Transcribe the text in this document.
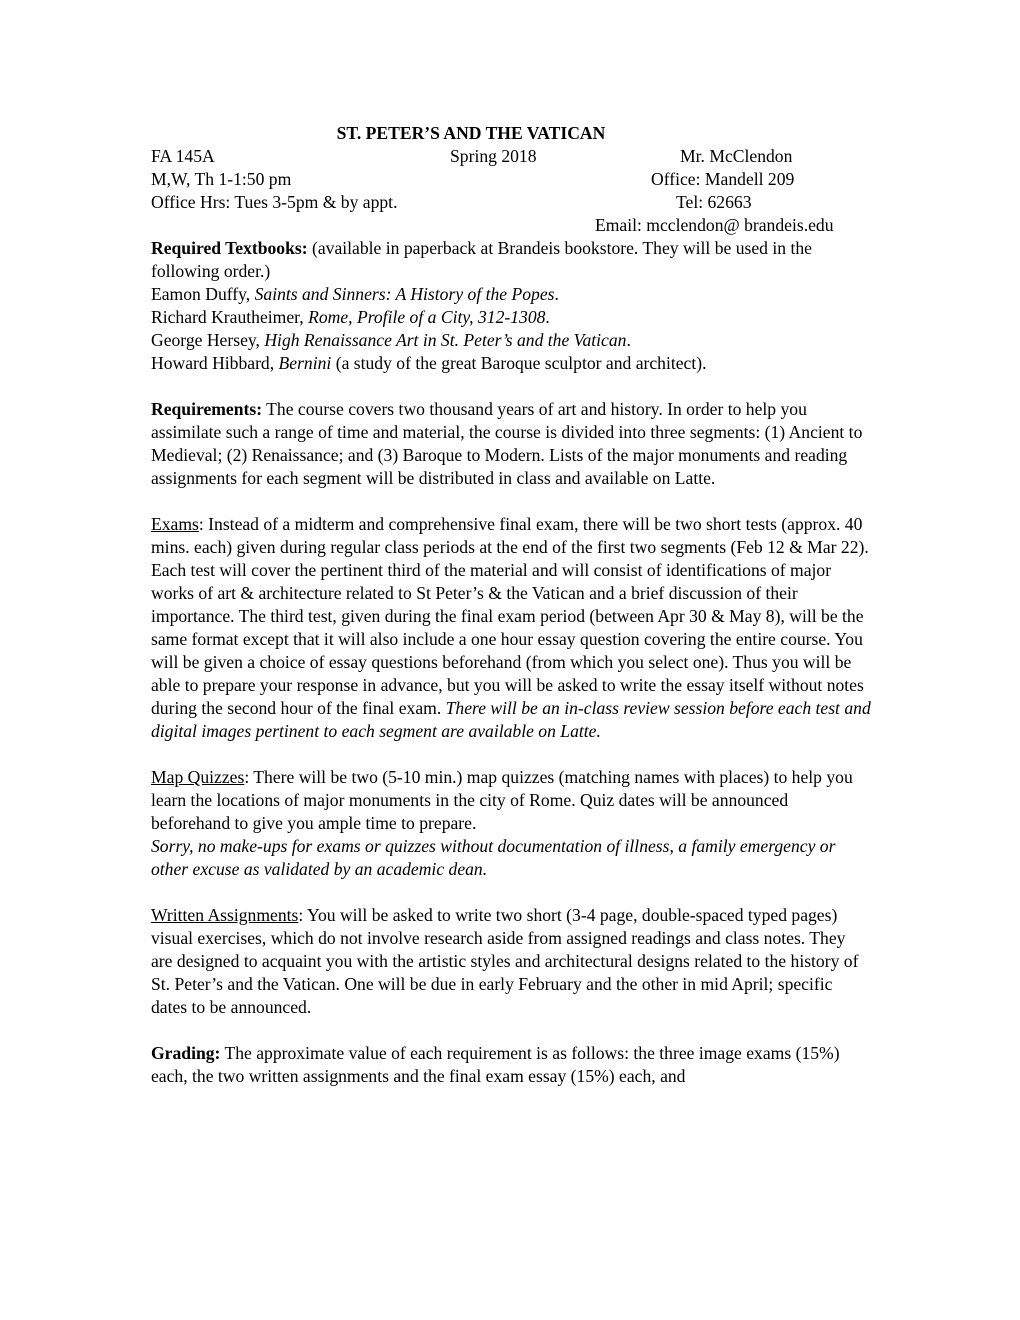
ST. PETER’S AND THE VATICAN
FA 145A	Spring 2018	Mr. McClendon
M,W, Th 1-1:50 pm	Office: Mandell 209
Office Hrs: Tues 3-5pm & by appt.	Tel: 62663
Email: mcclendon@ brandeis.edu

Required Textbooks: (available in paperback at Brandeis bookstore. They will be used in the following order.)

Eamon Duffy, Saints and Sinners: A History of the Popes.

Richard Krautheimer, Rome, Profile of a City, 312-1308.

George Hersey, High Renaissance Art in St. Peter’s and the Vatican.

Howard Hibbard, Bernini (a study of the great Baroque sculptor and architect).

Requirements: The course covers two thousand years of art and history. In order to help you assimilate such a range of time and material, the course is divided into three segments: (1) Ancient to Medieval; (2) Renaissance; and (3) Baroque to Modern. Lists of the major monuments and reading assignments for each segment will be distributed in class and available on Latte.

Exams: Instead of a midterm and comprehensive final exam, there will be two short tests (approx. 40 mins. each) given during regular class periods at the end of the first two segments (Feb 12 & Mar 22). Each test will cover the pertinent third of the material and will consist of identifications of major works of art & architecture related to St Peter’s & the Vatican and a brief discussion of their importance. The third test, given during the final exam period (between Apr 30 & May 8), will be the same format except that it will also include a one hour essay question covering the entire course. You will be given a choice of essay questions beforehand (from which you select one). Thus you will be able to prepare your response in advance, but you will be asked to write the essay itself without notes during the second hour of the final exam. There will be an in-class review session before each test and digital images pertinent to each segment are available on Latte.

Map Quizzes: There will be two (5-10 min.) map quizzes (matching names with places) to help you learn the locations of major monuments in the city of Rome. Quiz dates will be announced beforehand to give you ample time to prepare.

Sorry, no make-ups for exams or quizzes without documentation of illness, a family emergency or other excuse as validated by an academic dean.

Written Assignments: You will be asked to write two short (3-4 page, double-spaced typed pages) visual exercises, which do not involve research aside from assigned readings and class notes. They are designed to acquaint you with the artistic styles and architectural designs related to the history of St. Peter’s and the Vatican. One will be due in early February and the other in mid April; specific dates to be announced.

Grading: The approximate value of each requirement is as follows: the three image exams (15%) each, the two written assignments and the final exam essay (15%) each, and
